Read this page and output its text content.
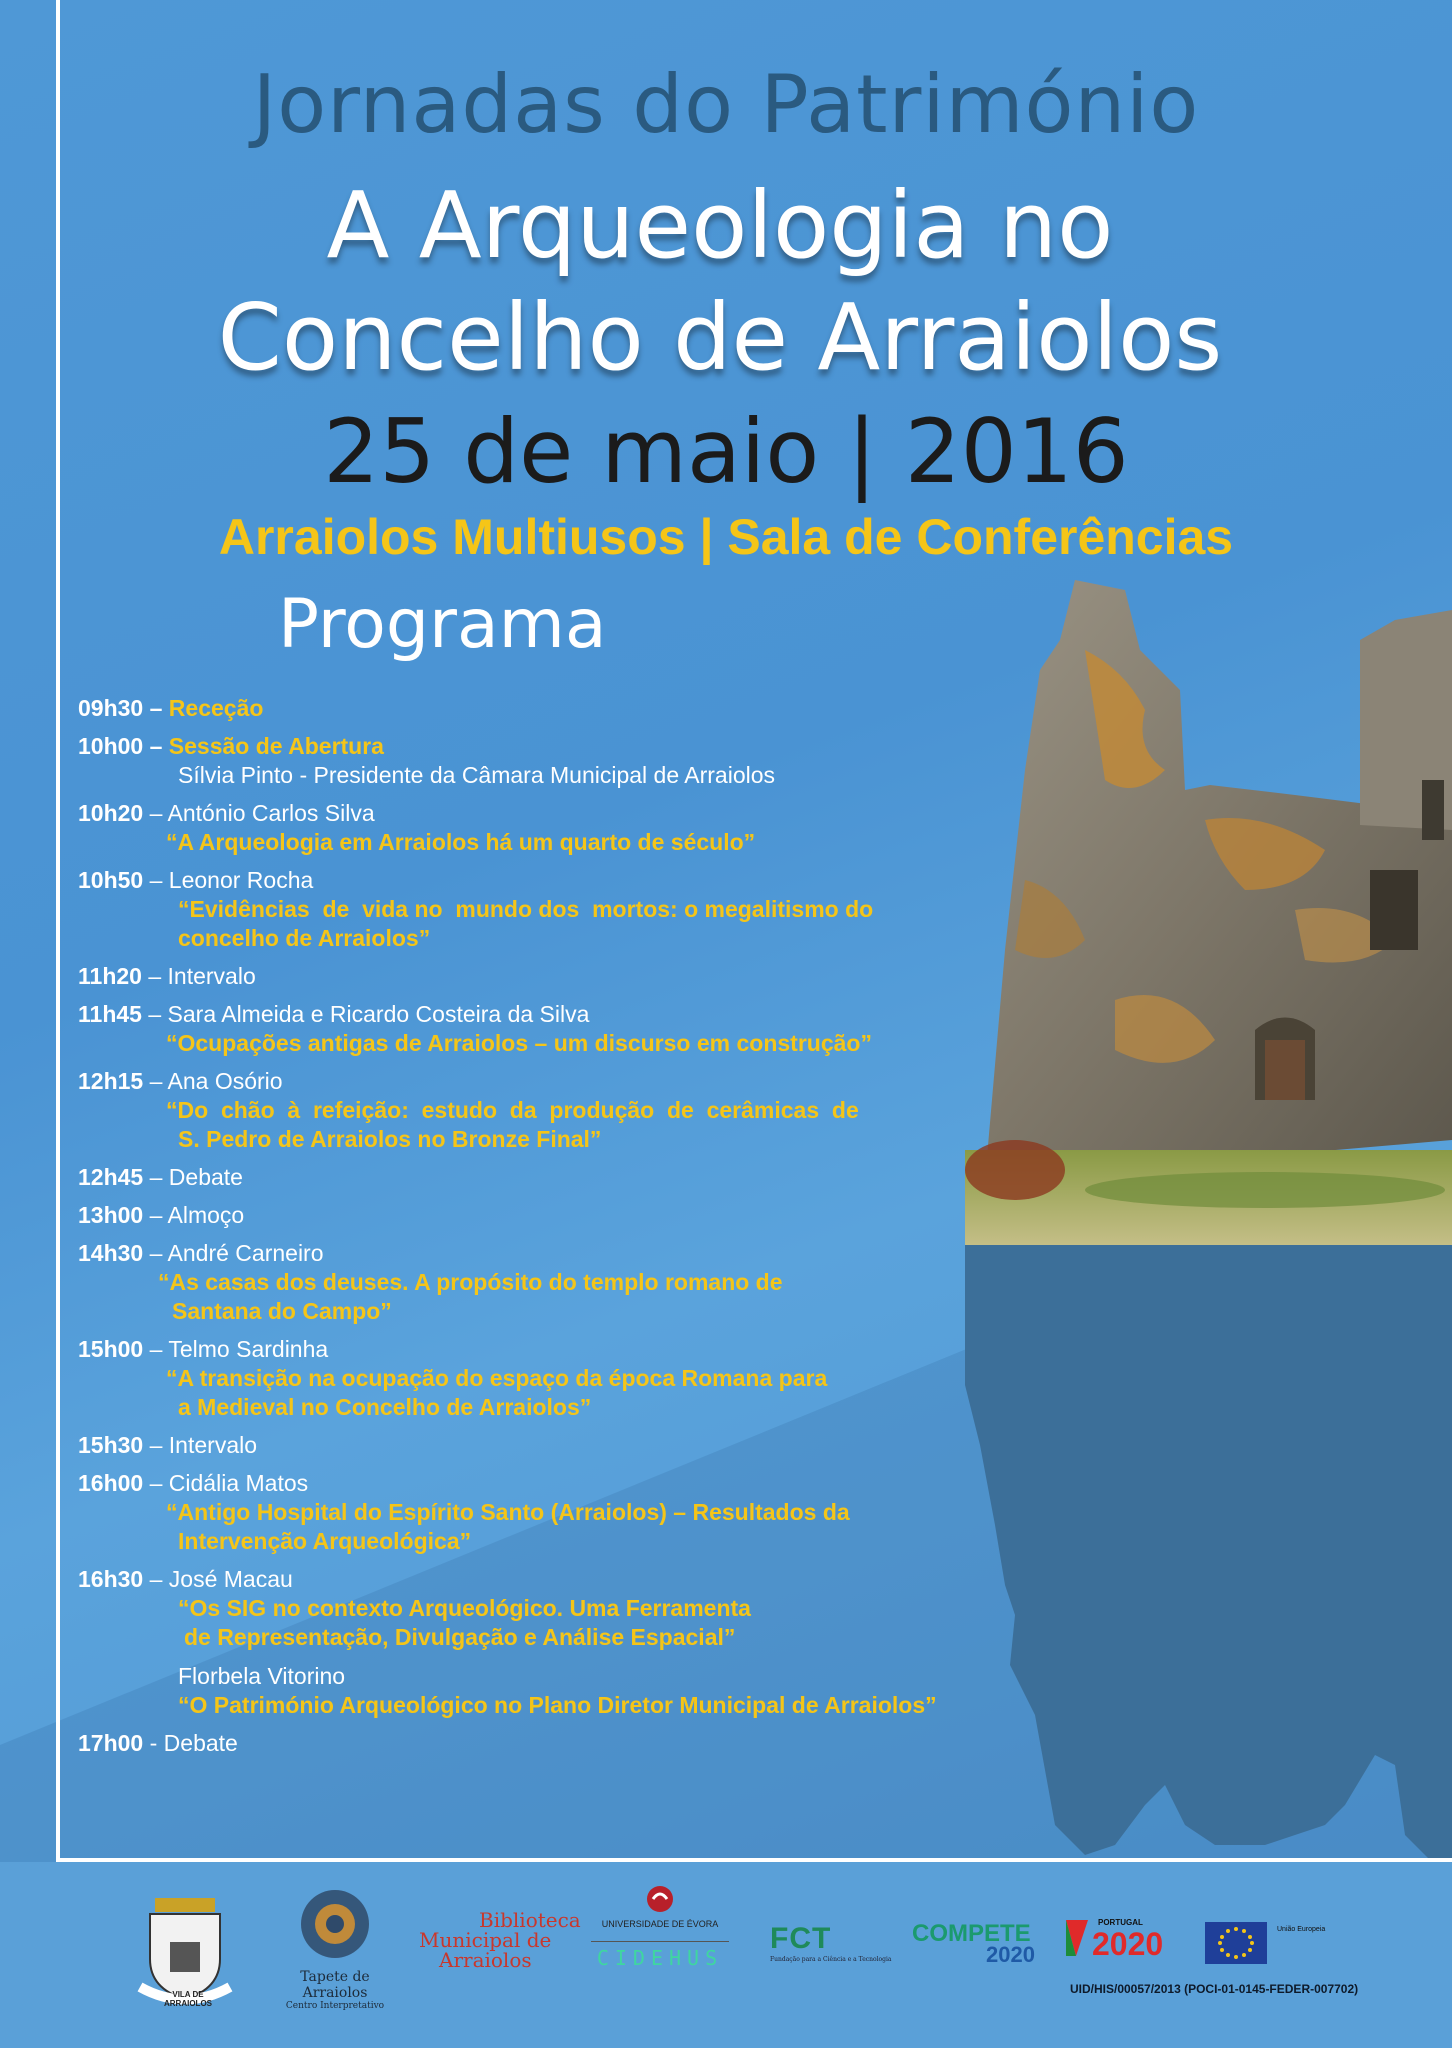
Jornadas do Património
A Arqueologia no
Concelho de Arraiolos
25 de maio | 2016
Arraiolos Multiusos | Sala de Conferências
Programa
09h30 – Receção
10h00 – Sessão de Abertura
Sílvia Pinto - Presidente da Câmara Municipal de Arraiolos
10h20 – António Carlos Silva
“A Arqueologia em Arraiolos há um quarto de século”
10h50 – Leonor Rocha
“Evidências  de  vida no  mundo dos  mortos: o megalitismo do
concelho de Arraiolos”
11h20 – Intervalo
11h45 – Sara Almeida e Ricardo Costeira da Silva
“Ocupações antigas de Arraiolos – um discurso em construção”
12h15 – Ana Osório
“Do  chão  à  refeição:  estudo  da  produção  de  cerâmicas  de
S. Pedro de Arraiolos no Bronze Final”
12h45 – Debate
13h00 – Almoço
14h30 – André Carneiro
“As casas dos deuses. A propósito do templo romano de
Santana do Campo”
15h00 – Telmo Sardinha
“A transição na ocupação do espaço da época Romana para
a Medieval no Concelho de Arraiolos”
15h30 – Intervalo
16h00 – Cidália Matos
“Antigo Hospital do Espírito Santo (Arraiolos) – Resultados da
Intervenção Arqueológica”
16h30 – José Macau
“Os SIG no contexto Arqueológico. Uma Ferramenta
de Representação, Divulgação e Análise Espacial”
Florbela Vitorino
“O Património Arqueológico no Plano Diretor Municipal de Arraiolos”
17h00 - Debate
VILA DE ARRAIOLOS
Tapete de Arraiolos
Centro Interpretativo
Biblioteca
Municipal de
Arraiolos
UNIVERSIDADE DE ÉVORA
CIDEHUS
FCT
Fundação para a Ciência e a Tecnologia
COMPETE
2020
PORTUGAL
2020	União Europeia
UID/HIS/00057/2013 (POCI-01-0145-FEDER-007702)
